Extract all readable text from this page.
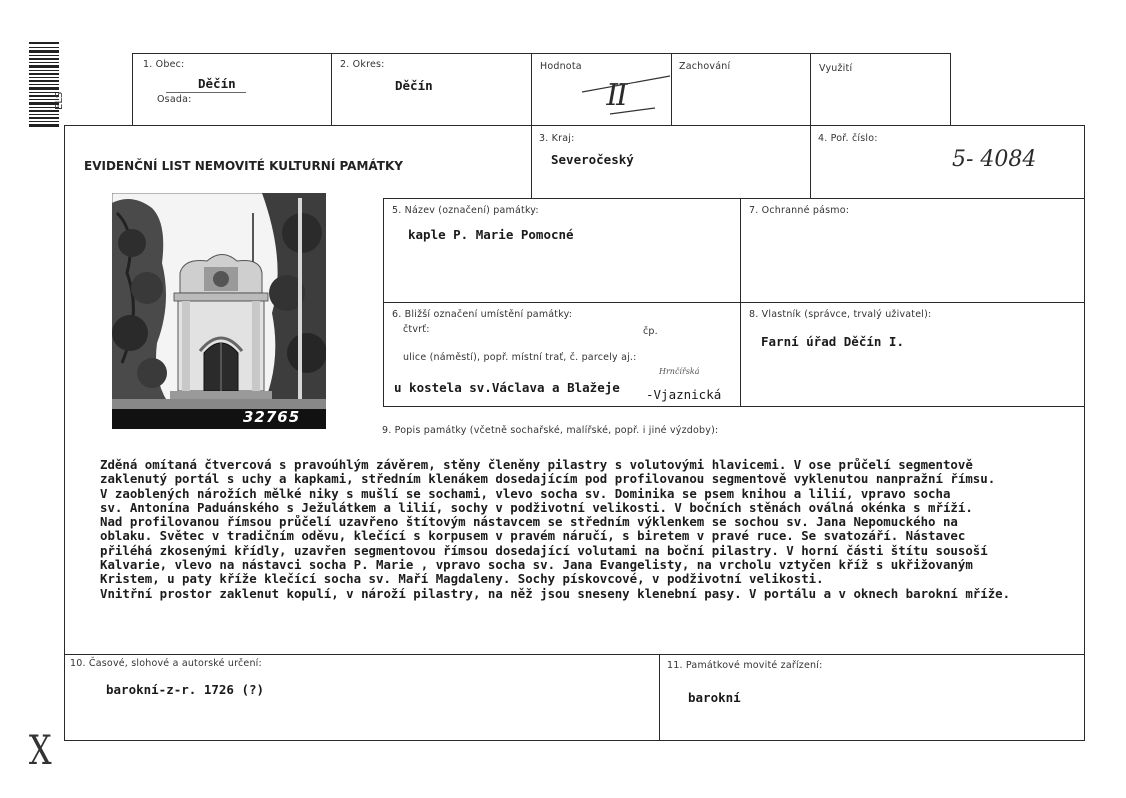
ELS
1. Obec:
Děčín
Osada:
2. Okres:
Děčín
Hodnota
II
Zachování	Využití
EVIDENČNÍ LIST NEMOVITÉ KULTURNÍ PAMÁTKY
3. Kraj:
Severočeský
4. Poř. číslo:
5- 4084
32765
5. Název (označení) památky:
kaple P. Marie Pomocné
7. Ochranné pásmo:
6. Bližší označení umístění památky:
čtvrť:	čp.
ulice (náměstí), popř. místní trať, č. parcely aj.:
Hrnčířská
u kostela sv.Václava a Blažeje -Vjaznická
8. Vlastník (správce, trvalý uživatel):
Farní úřad Děčín I.
9. Popis památky (včetně sochařské, malířské, popř. i jiné výzdoby):
Zděná omítaná čtvercová s pravoúhlým závěrem, stěny členěny pilastry s volutovými hlavicemi. V ose průčelí segmentově
zaklenutý portál s uchy a kapkami, středním klenákem dosedajícím pod profilovanou segmentově vyklenutou nanpražní římsu.
V zaoblených nárožích mělké niky s mušlí se sochami, vlevo socha sv. Dominika se psem knihou a lilií, vpravo socha
sv. Antonína Paduánského s Ježulátkem a lilií, sochy v podživotní velikosti. V bočních stěnách oválná okénka s mříží.
Nad profilovanou římsou průčelí uzavřeno štítovým nástavcem se středním výklenkem se sochou sv. Jana Nepomuckého na
oblaku. Světec v tradičním oděvu, klečící s korpusem v pravém náručí, s biretem v pravé ruce. Se svatozáří. Nástavec
přiléhá zkosenými křídly, uzavřen segmentovou římsou dosedající volutami na boční pilastry. V horní části štítu sousoší
Kalvarie, vlevo na nástavci socha P. Marie , vpravo socha sv. Jana Evangelisty, na vrcholu vztyčen kříž s ukřižovaným
Kristem, u paty kříže klečící socha sv. Maří Magdaleny. Sochy pískovcové, v podživotní velikosti.
Vnitřní prostor zaklenut kopulí, v nároží pilastry, na něž jsou sneseny klenební pasy. V portálu a v oknech barokní mříže.
10. Časové, slohové a autorské určení:
barokní-z-r. 1726 (?)
11. Památkové movité zařízení:
barokní
X
